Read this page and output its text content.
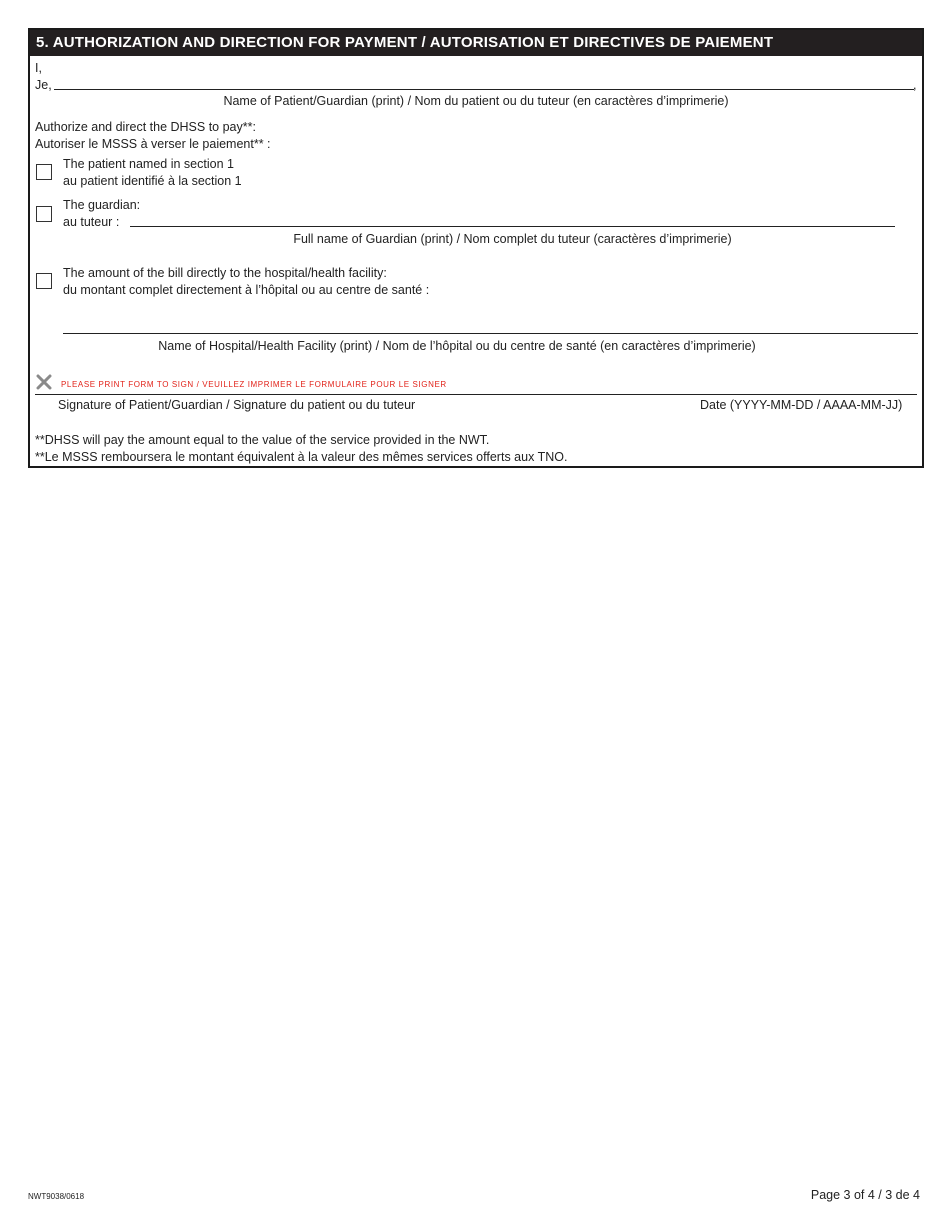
5. AUTHORIZATION AND DIRECTION FOR PAYMENT / AUTORISATION ET DIRECTIVES DE PAIEMENT
I,
Je,	,
Name of Patient/Guardian (print) / Nom du patient ou du tuteur (en caractères d’imprimerie)
Authorize and direct the DHSS to pay**:
Autoriser le MSSS à verser le paiement** :
The patient named in section 1
au patient identifié à la section 1
The guardian:
au tuteur :
Full name of Guardian (print) / Nom complet du tuteur (caractères d’imprimerie)
The amount of the bill directly to the hospital/health facility:
du montant complet directement à l’hôpital ou au centre de santé :
Name of Hospital/Health Facility (print) / Nom de l’hôpital ou du centre de santé (en caractères d’imprimerie)
PLEASE PRINT FORM TO SIGN / VEUILLEZ IMPRIMER LE FORMULAIRE POUR LE SIGNER
Signature of Patient/Guardian / Signature du patient ou du tuteur	Date (YYYY-MM-DD / AAAA-MM-JJ)
**DHSS will pay the amount equal to the value of the service provided in the NWT.
**Le MSSS remboursera le montant équivalent à la valeur des mêmes services offerts aux TNO.
NWT9038/0618	Page 3 of 4 / 3 de 4
